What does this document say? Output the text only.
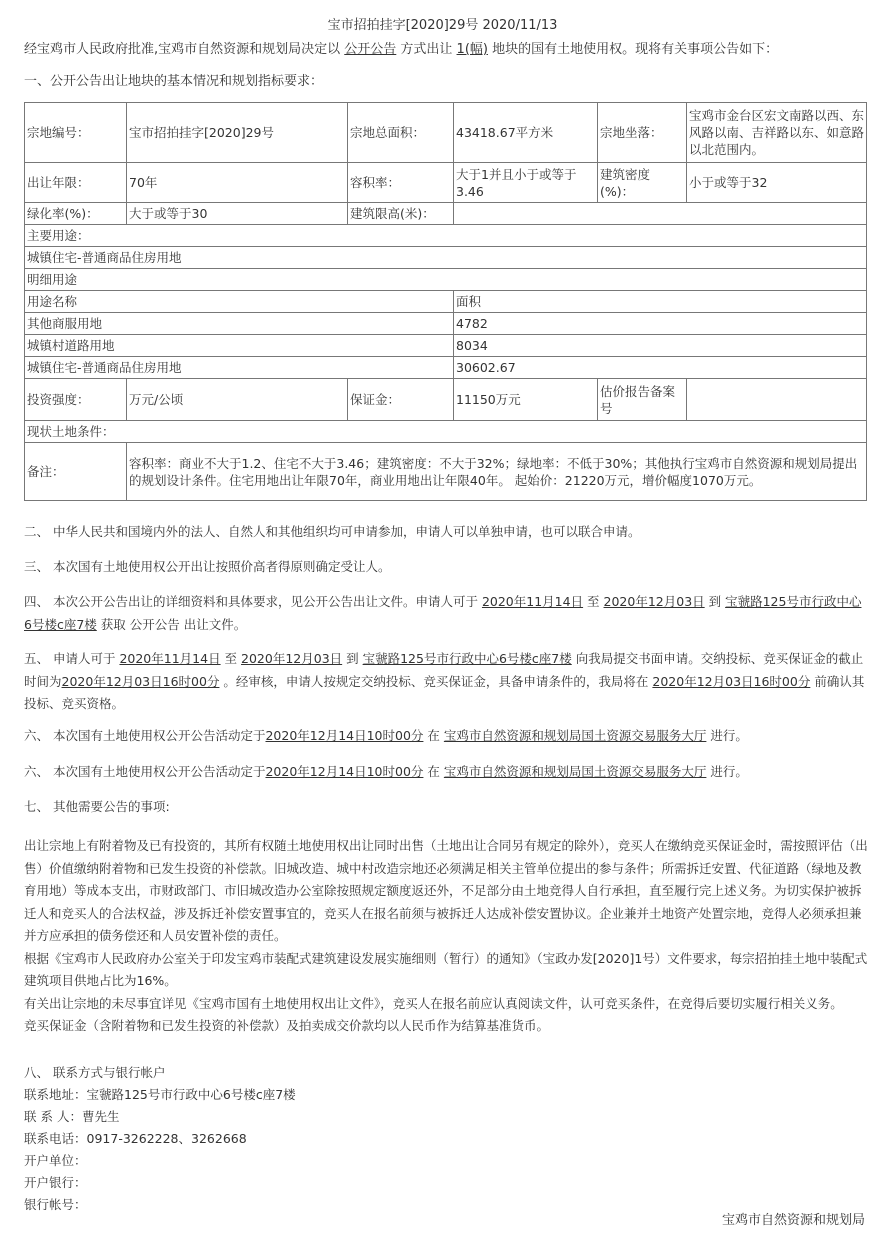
宝市招拍挂字[2020]29号 2020/11/13
经宝鸡市人民政府批准,宝鸡市自然资源和规划局决定以 公开公告 方式出让 1(幅) 地块的国有土地使用权。现将有关事项公告如下：
一、公开公告出让地块的基本情况和规划指标要求：
宗地编号：	宝市招拍挂字[2020]29号	宗地总面积：	43418.67平方米	宗地坐落：	宝鸡市金台区宏文南路以西、东风路以南、吉祥路以东、如意路以北范围内。
出让年限：	70年	容积率：	大于1并且小于或等于3.46	建筑密度(%)：	小于或等于32
绿化率(%)：	大于或等于30	建筑限高(米)：			
主要用途：					
城镇住宅-普通商品住房用地					
明细用途					
用途名称			面积		
其他商服用地			4782		
城镇村道路用地			8034		
城镇住宅-普通商品住房用地			30602.67		
投资强度：	万元/公顷	保证金：	11150万元	估价报告备案号	
现状土地条件：					
备注：	容积率：商业不大于1.2、住宅不大于3.46；建筑密度：不大于32%；绿地率：不低于30%；其他执行宝鸡市自然资源和规划局提出的规划设计条件。住宅用地出让年限70年，商业用地出让年限40年。 起始价：21220万元，增价幅度1070万元。				
二、 中华人民共和国境内外的法人、自然人和其他组织均可申请参加，申请人可以单独申请，也可以联合申请。
三、 本次国有土地使用权公开出让按照价高者得原则确定受让人。
四、 本次公开公告出让的详细资料和具体要求，见公开公告出让文件。申请人可于 2020年11月14日 至 2020年12月03日 到 宝虢路125号市行政中心6号楼c座7楼 获取 公开公告 出让文件。
五、 申请人可于 2020年11月14日 至 2020年12月03日 到 宝虢路125号市行政中心6号楼c座7楼 向我局提交书面申请。交纳投标、竞买保证金的截止时间为2020年12月03日16时00分 。经审核，申请人按规定交纳投标、竞买保证金，具备申请条件的，我局将在 2020年12月03日16时00分 前确认其投标、竞买资格。
六、 本次国有土地使用权公开公告活动定于2020年12月14日10时00分 在 宝鸡市自然资源和规划局国土资源交易服务大厅 进行。
六、 本次国有土地使用权公开公告活动定于2020年12月14日10时00分 在 宝鸡市自然资源和规划局国土资源交易服务大厅 进行。
七、 其他需要公告的事项:
出让宗地上有附着物及已有投资的，其所有权随土地使用权出让同时出售（土地出让合同另有规定的除外），竞买人在缴纳竞买保证金时，需按照评估（出售）价值缴纳附着物和已发生投资的补偿款。旧城改造、城中村改造宗地还必须满足相关主管单位提出的参与条件；所需拆迁安置、代征道路（绿地及教育用地）等成本支出，市财政部门、市旧城改造办公室除按照规定额度返还外，不足部分由土地竞得人自行承担，直至履行完上述义务。为切实保护被拆迁人和竞买人的合法权益，涉及拆迁补偿安置事宜的，竞买人在报名前须与被拆迁人达成补偿安置协议。企业兼并土地资产处置宗地，竞得人必须承担兼并方应承担的债务偿还和人员安置补偿的责任。
根据《宝鸡市人民政府办公室关于印发宝鸡市装配式建筑建设发展实施细则（暂行）的通知》（宝政办发[2020]1号）文件要求，每宗招拍挂土地中装配式建筑项目供地占比为16%。
有关出让宗地的未尽事宜详见《宝鸡市国有土地使用权出让文件》，竞买人在报名前应认真阅读文件，认可竞买条件，在竞得后要切实履行相关义务。
竞买保证金（含附着物和已发生投资的补偿款）及拍卖成交价款均以人民币作为结算基准货币。
八、 联系方式与银行帐户
联系地址：宝虢路125号市行政中心6号楼c座7楼
联 系 人：曹先生
联系电话：0917-3262228、3262668
开户单位：
开户银行：
银行帐号：
宝鸡市自然资源和规划局
